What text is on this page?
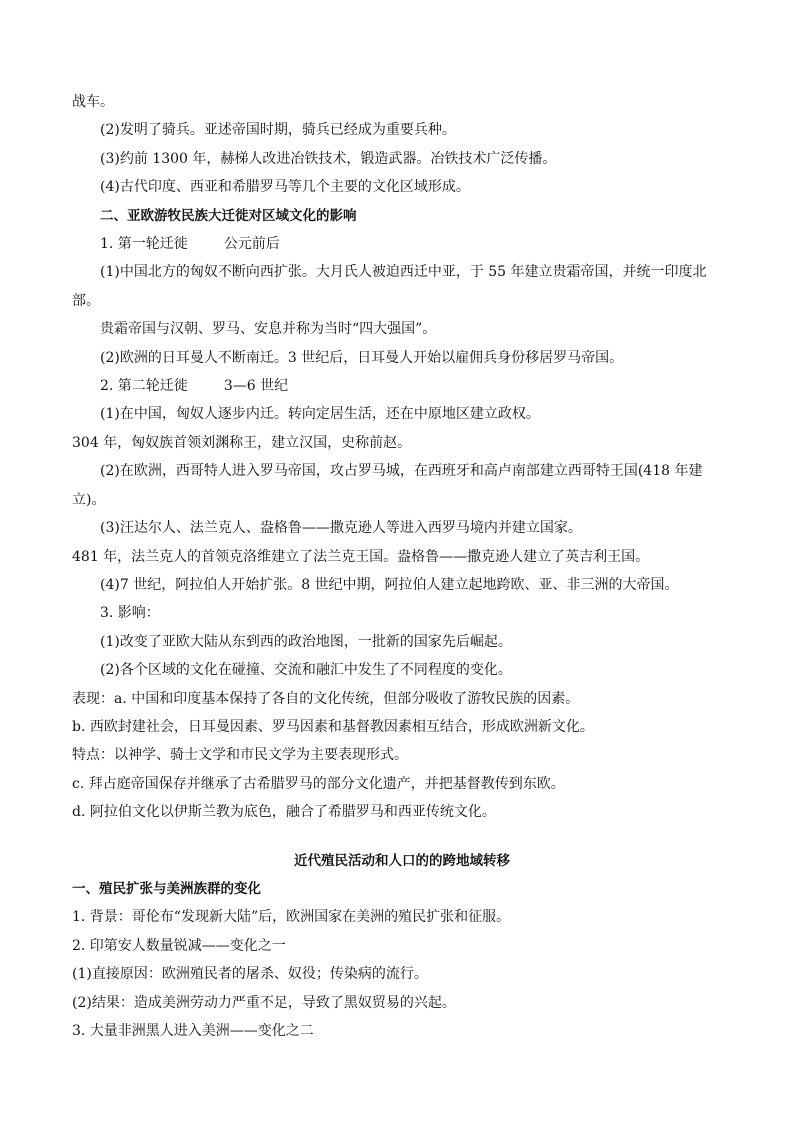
战车。

(2)发明了骑兵。亚述帝国时期，骑兵已经成为重要兵种。

(3)约前 1300 年，赫梯人改进冶铁技术，锻造武器。冶铁技术广泛传播。

(4)古代印度、西亚和希腊罗马等几个主要的文化区域形成。

二、亚欧游牧民族大迁徙对区域文化的影响

1. 第一轮迁徙	公元前后

(1)中国北方的匈奴不断向西扩张。大月氏人被迫西迁中亚，于 55 年建立贵霜帝国，并统一印度北部。

贵霜帝国与汉朝、罗马、安息并称为当时“四大强国”。

(2)欧洲的日耳曼人不断南迁。3 世纪后，日耳曼人开始以雇佣兵身份移居罗马帝国。

2. 第二轮迁徙	3—6 世纪

(1)在中国，匈奴人逐步内迁。转向定居生活，还在中原地区建立政权。

304 年，匈奴族首领刘渊称王，建立汉国，史称前赵。

(2)在欧洲，西哥特人进入罗马帝国，攻占罗马城，在西班牙和高卢南部建立西哥特王国(418 年建立)。

(3)汪达尔人、法兰克人、盎格鲁——撒克逊人等进入西罗马境内并建立国家。

481 年，法兰克人的首领克洛维建立了法兰克王国。盎格鲁——撒克逊人建立了英吉利王国。

(4)7 世纪，阿拉伯人开始扩张。8 世纪中期，阿拉伯人建立起地跨欧、亚、非三洲的大帝国。

3. 影响：

(1)改变了亚欧大陆从东到西的政治地图，一批新的国家先后崛起。

(2)各个区域的文化在碰撞、交流和融汇中发生了不同程度的变化。

表现：a. 中国和印度基本保持了各自的文化传统，但部分吸收了游牧民族的因素。

b. 西欧封建社会，日耳曼因素、罗马因素和基督教因素相互结合，形成欧洲新文化。

特点：以神学、骑士文学和市民文学为主要表现形式。

c. 拜占庭帝国保存并继承了古希腊罗马的部分文化遗产，并把基督教传到东欧。

d. 阿拉伯文化以伊斯兰教为底色，融合了希腊罗马和西亚传统文化。

近代殖民活动和人口的的跨地域转移

一、殖民扩张与美洲族群的变化

1. 背景：哥伦布“发现新大陆”后，欧洲国家在美洲的殖民扩张和征服。

2. 印第安人数量锐减——变化之一

(1)直接原因：欧洲殖民者的屠杀、奴役；传染病的流行。

(2)结果：造成美洲劳动力严重不足，导致了黑奴贸易的兴起。

3. 大量非洲黑人进入美洲——变化之二
